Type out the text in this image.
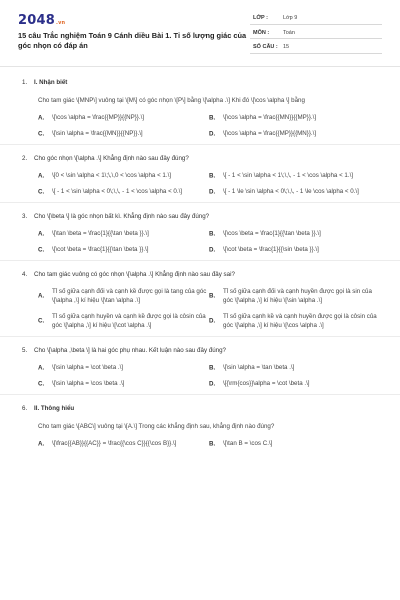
2048.vn
15 câu Trắc nghiệm Toán 9 Cánh diều Bài 1. Tỉ số lượng giác của góc nhọn có đáp án
LỚP :	Lớp 9
MÔN :	Toán
SỐ CÂU : 15
1. I. Nhận biết
Cho tam giác \[MNP\] vuông tại \[M\] có góc nhọn \[P\] bằng \[\alpha .\] Khi đó \[\cos \alpha \] bằng
A. \[\cos \alpha = \frac{{MP}}{{NP}}.\]	B. \[\cos \alpha = \frac{{MN}}{{MP}}.\]
C. \[\sin \alpha = \frac{{MN}}{{NP}}.\]	D. \[\cos \alpha = \frac{{MP}}{{MN}}.\]
2. Cho góc nhọn \[\alpha .\] Khẳng định nào sau đây đúng?
A. \[0 < \sin \alpha < 1\;\,\,0 < \cos \alpha < 1.\]	B. \[ - 1 < \sin \alpha < 1\;\,\, - 1 < \cos \alpha < 1.\]
C. \[ - 1 < \sin \alpha < 0\;\,\, - 1 < \cos \alpha < 0.\]	D. \[ - 1 \le \sin \alpha < 0\;\,\, - 1 \le \cos \alpha < 0.\]
3. Cho \[\beta \] là góc nhọn bất kì. Khẳng định nào sau đây đúng?
A. \[\tan \beta = \frac{1}{{\tan \beta }}.\]	B. \[\cos \beta = \frac{1}{{\tan \beta }}.\]
C. \[\cot \beta = \frac{1}{{\tan \beta }}.\]	D. \[\cot \beta = \frac{1}{{\sin \beta }}.\]
4. Cho tam giác vuông có góc nhọn \[\alpha .\] Khẳng định nào sau đây sai?
A.
Tỉ số giữa cạnh đối và cạnh kề được gọi là tang của góc \[\alpha ,\] kí hiệu \[\tan \alpha .\]
B.
Tỉ số giữa cạnh đối và cạnh huyền được gọi là sin của góc \[\alpha ,\] kí hiệu \[\sin \alpha .\]
C.
Tỉ số giữa cạnh huyền và cạnh kề được gọi là côsin của góc \[\alpha ,\] kí hiệu \[\cot \alpha .\]
D.
Tỉ số giữa cạnh kề và cạnh huyền được gọi là côsin của góc \[\alpha ,\] kí hiệu \[\cos \alpha .\]
5. Cho \[\alpha ,\beta \] là hai góc phụ nhau. Kết luận nào sau đây đúng?
A. \[\sin \alpha = \cot \beta .\]	B. \[\sin \alpha = \tan \beta .\]
C. \[\sin \alpha = \cos \beta .\]	D. \[{\rm{cos}}\alpha = \cot \beta .\]
6. II. Thông hiểu
Cho tam giác \[ABC\] vuông tại \[A.\] Trong các khẳng định sau, khẳng định nào đúng?
A. \[\frac{{AB}}{{AC}} = \frac{{\cos C}}{{\cos B}}.\]	B. \[\tan B = \cos C.\]
